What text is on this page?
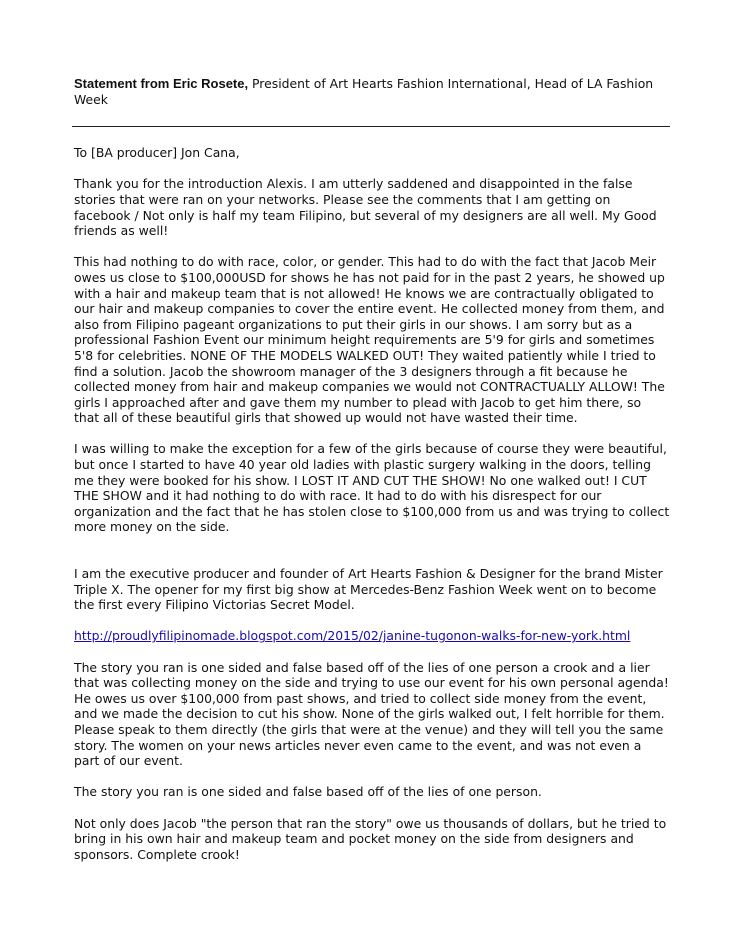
Statement from Eric Rosete, President of Art Hearts Fashion International, Head of LA Fashion Week

To [BA producer] Jon Cana,

Thank you for the introduction Alexis. I am utterly saddened and disappointed in the false stories that were ran on your networks. Please see the comments that I am getting on facebook / Not only is half my team Filipino, but several of my designers are all well. My Good friends as well!

This had nothing to do with race, color, or gender. This had to do with the fact that Jacob Meir owes us close to $100,000USD for shows he has not paid for in the past 2 years, he showed up with a hair and makeup team that is not allowed! He knows we are contractually obligated to our hair and makeup companies to cover the entire event. He collected money from them, and also from Filipino pageant organizations to put their girls in our shows. I am sorry but as a professional Fashion Event our minimum height requirements are 5'9 for girls and sometimes 5'8 for celebrities. NONE OF THE MODELS WALKED OUT! They waited patiently while I tried to find a solution. Jacob the showroom manager of the 3 designers through a fit because he collected money from hair and makeup companies we would not CONTRACTUALLY ALLOW! The girls I approached after and gave them my number to plead with Jacob to get him there, so that all of these beautiful girls that showed up would not have wasted their time.

I was willing to make the exception for a few of the girls because of course they were beautiful, but once I started to have 40 year old ladies with plastic surgery walking in the doors, telling me they were booked for his show. I LOST IT AND CUT THE SHOW! No one walked out! I CUT THE SHOW and it had nothing to do with race. It had to do with his disrespect for our organization and the fact that he has stolen close to $100,000 from us and was trying to collect more money on the side.

I am the executive producer and founder of Art Hearts Fashion & Designer for the brand Mister Triple X. The opener for my first big show at Mercedes-Benz Fashion Week went on to become the first every Filipino Victorias Secret Model.

http://proudlyfilipinomade.blogspot.com/2015/02/janine-tugonon-walks-for-new-york.html

The story you ran is one sided and false based off of the lies of one person a crook and a lier that was collecting money on the side and trying to use our event for his own personal agenda! He owes us over $100,000 from past shows, and tried to collect side money from the event, and we made the decision to cut his show. None of the girls walked out, I felt horrible for them. Please speak to them directly (the girls that were at the venue) and they will tell you the same story. The women on your news articles never even came to the event, and was not even a part of our event.

The story you ran is one sided and false based off of the lies of one person.

Not only does Jacob "the person that ran the story" owe us thousands of dollars, but he tried to bring in his own hair and makeup team and pocket money on the side from designers and sponsors. Complete crook!
